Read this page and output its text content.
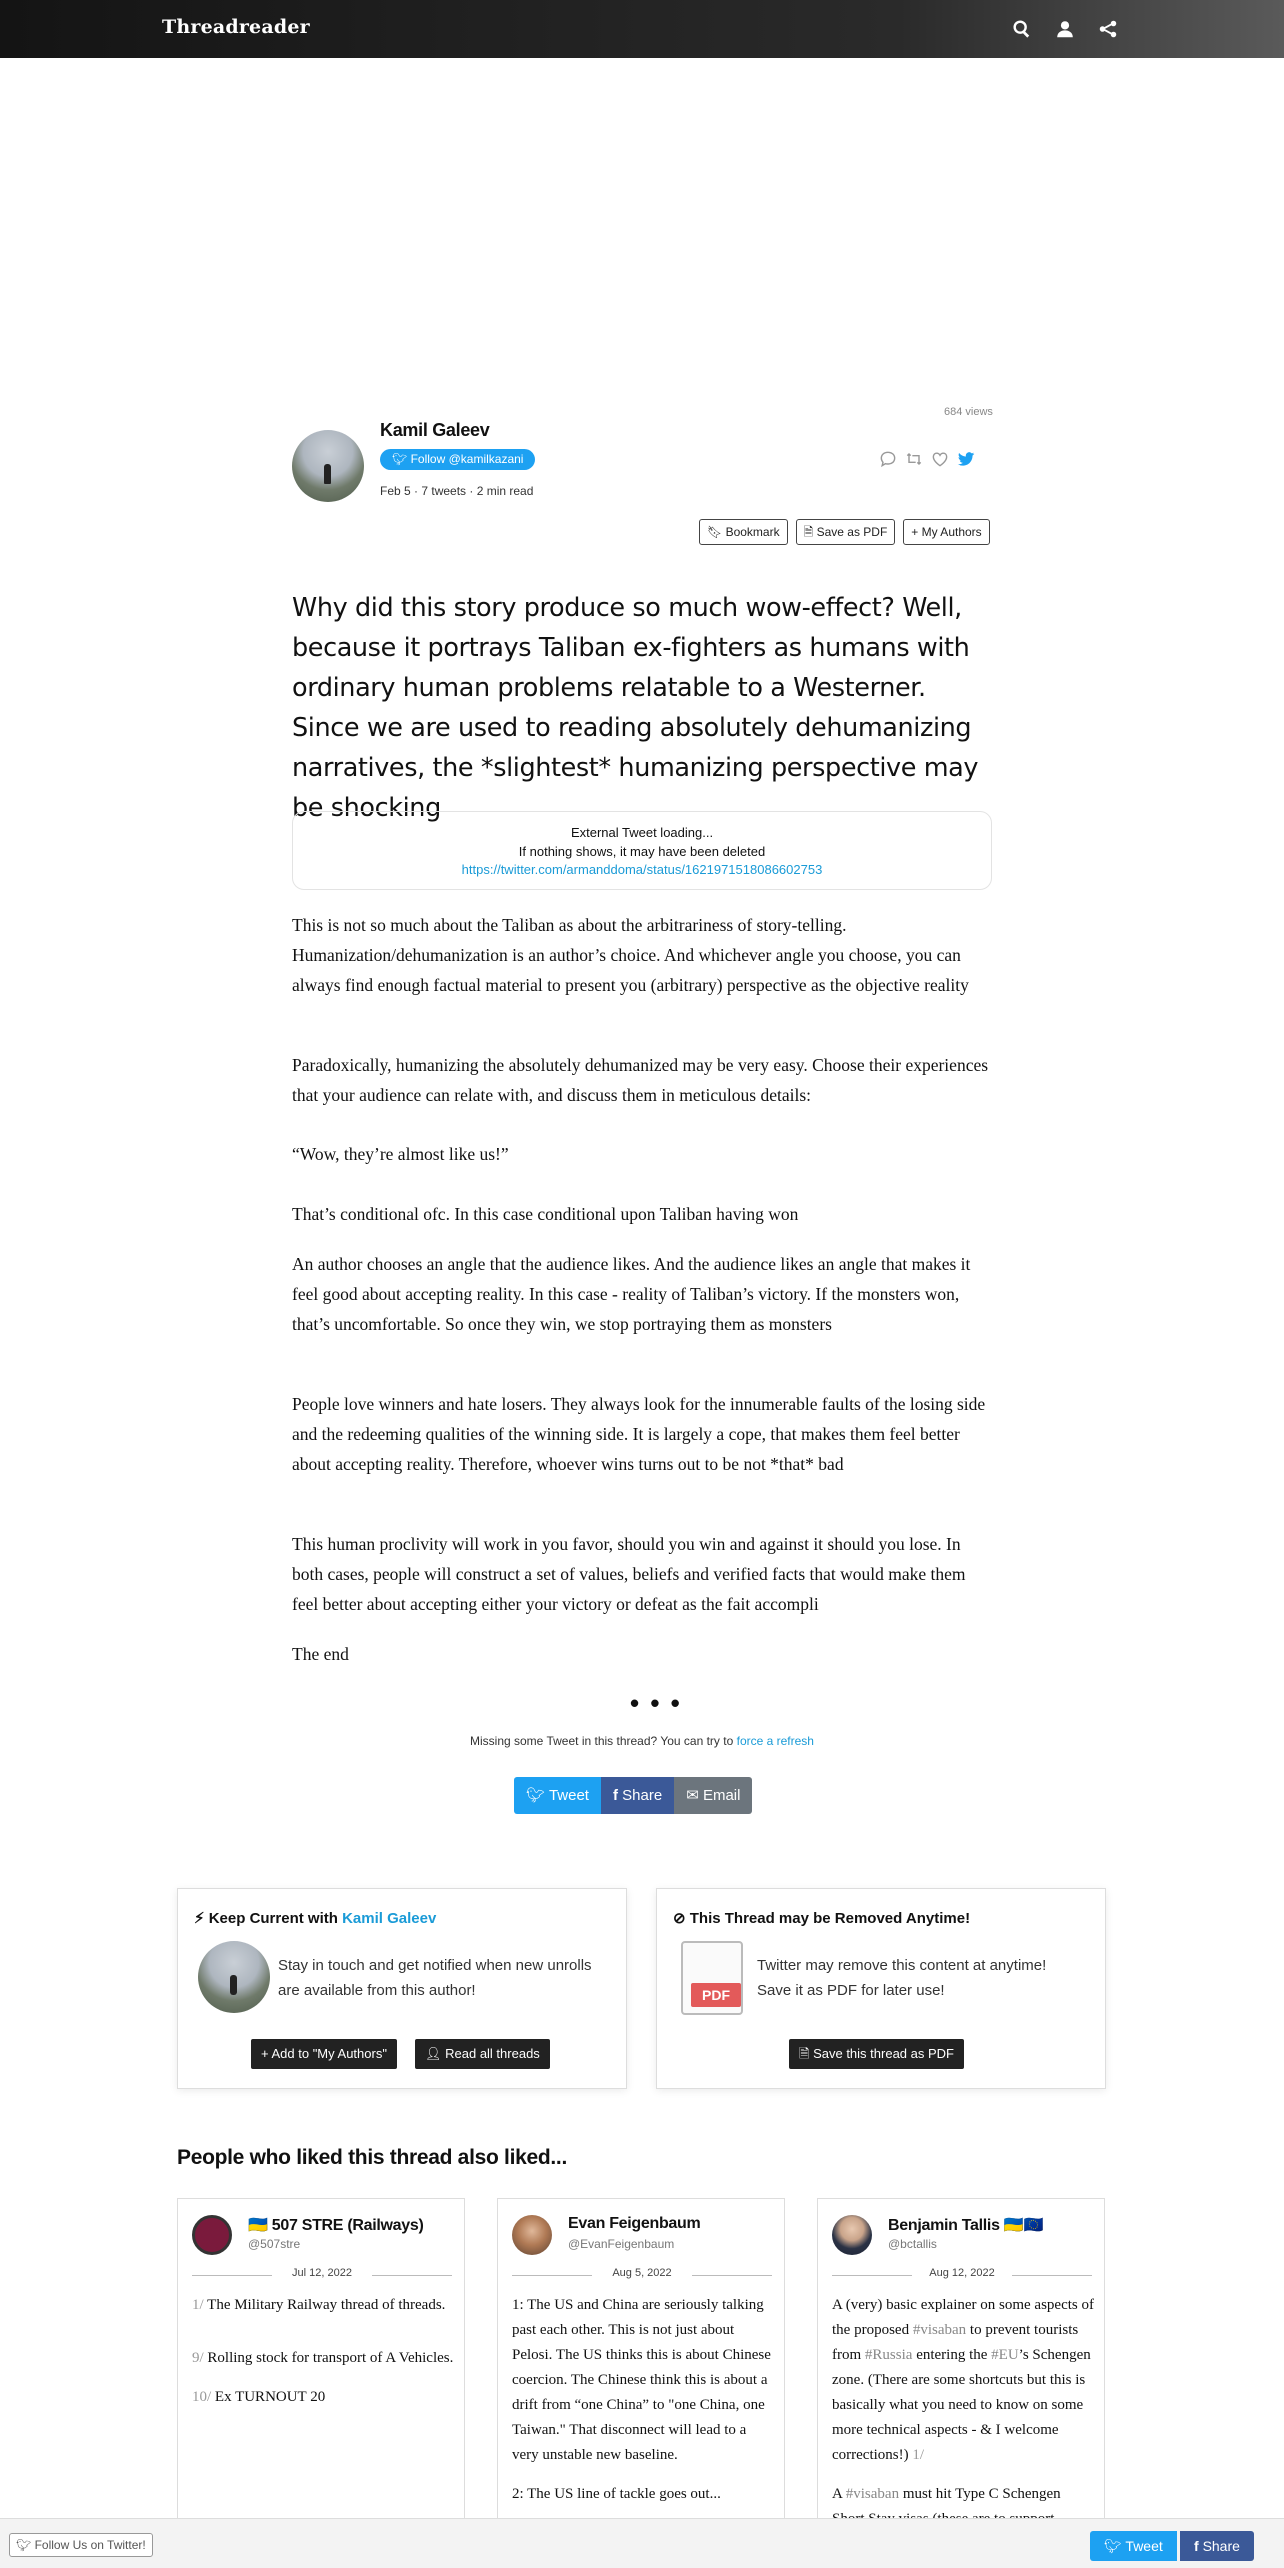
Threadreader
684 views
Kamil Galeev
🐦︎ Follow @kamilkazani
Feb 5 · 7 tweets · 2 min read
🔖︎ Bookmark	🗎 Save as PDF	+ My Authors
Why did this story produce so much wow-effect? Well, because it portrays Taliban ex-fighters as humans with ordinary human problems relatable to a Westerner. Since we are used to reading absolutely dehumanizing narratives, the *slightest* humanizing perspective may be shocking
External Tweet loading...
If nothing shows, it may have been deleted
https://twitter.com/armanddoma/status/1621971518086602753
This is not so much about the Taliban as about the arbitrariness of story-telling. Humanization/dehumanization is an author’s choice. And whichever angle you choose, you can always find enough factual material to present you (arbitrary) perspective as the objective reality
Paradoxically, humanizing the absolutely dehumanized may be very easy. Choose their experiences that your audience can relate with, and discuss them in meticulous details:
“Wow, they’re almost like us!”
That’s conditional ofc. In this case conditional upon Taliban having won
An author chooses an angle that the audience likes. And the audience likes an angle that makes it feel good about accepting reality. In this case - reality of Taliban’s victory. If the monsters won, that’s uncomfortable. So once they win, we stop portraying them as monsters
People love winners and hate losers. They always look for the innumerable faults of the losing side and the redeeming qualities of the winning side. It is largely a cope, that makes them feel better about accepting reality. Therefore, whoever wins turns out to be not *that* bad
This human proclivity will work in you favor, should you win and against it should you lose. In both cases, people will construct a set of values, beliefs and verified facts that would make them feel better about accepting either your victory or defeat as the fait accompli
The end
• • •
Missing some Tweet in this thread? You can try to force a refresh
🐦︎ Tweet	f Share	✉ Email
⚡︎ Keep Current with Kamil Galeev
Stay in touch and get notified when new unrolls are available from this author!
+ Add to "My Authors"	👤︎ Read all threads
⊘ This Thread may be Removed Anytime!
PDF
Twitter may remove this content at anytime! Save it as PDF for later use!
🗎 Save this thread as PDF
People who liked this thread also liked...
🇺🇦 507 STRE (Railways)
@507stre
Jul 12, 2022

1/ The Military Railway thread of threads.

9/ Rolling stock for transport of A Vehicles.

10/ Ex TURNOUT 20

Evan Feigenbaum
@EvanFeigenbaum
Aug 5, 2022

1: The US and China are seriously talking past each other. This is not just about Pelosi. The US thinks this is about Chinese coercion. The Chinese think this is about a drift from “one China” to "one China, one Taiwan." That disconnect will lead to a very unstable new baseline.

2: The US line of tackle goes out...

Benjamin Tallis 🇺🇦🇪🇺
@bctallis
Aug 12, 2022

A (very) basic explainer on some aspects of the proposed #visaban to prevent tourists from #Russia entering the #EU’s Schengen zone. (There are some shortcuts but this is basically what you need to know on some more technical aspects - & I welcome corrections!) 1/

A #visaban must hit Type C Schengen

🐦︎ Follow Us on Twitter!	🐦︎ Tweet	f Share
